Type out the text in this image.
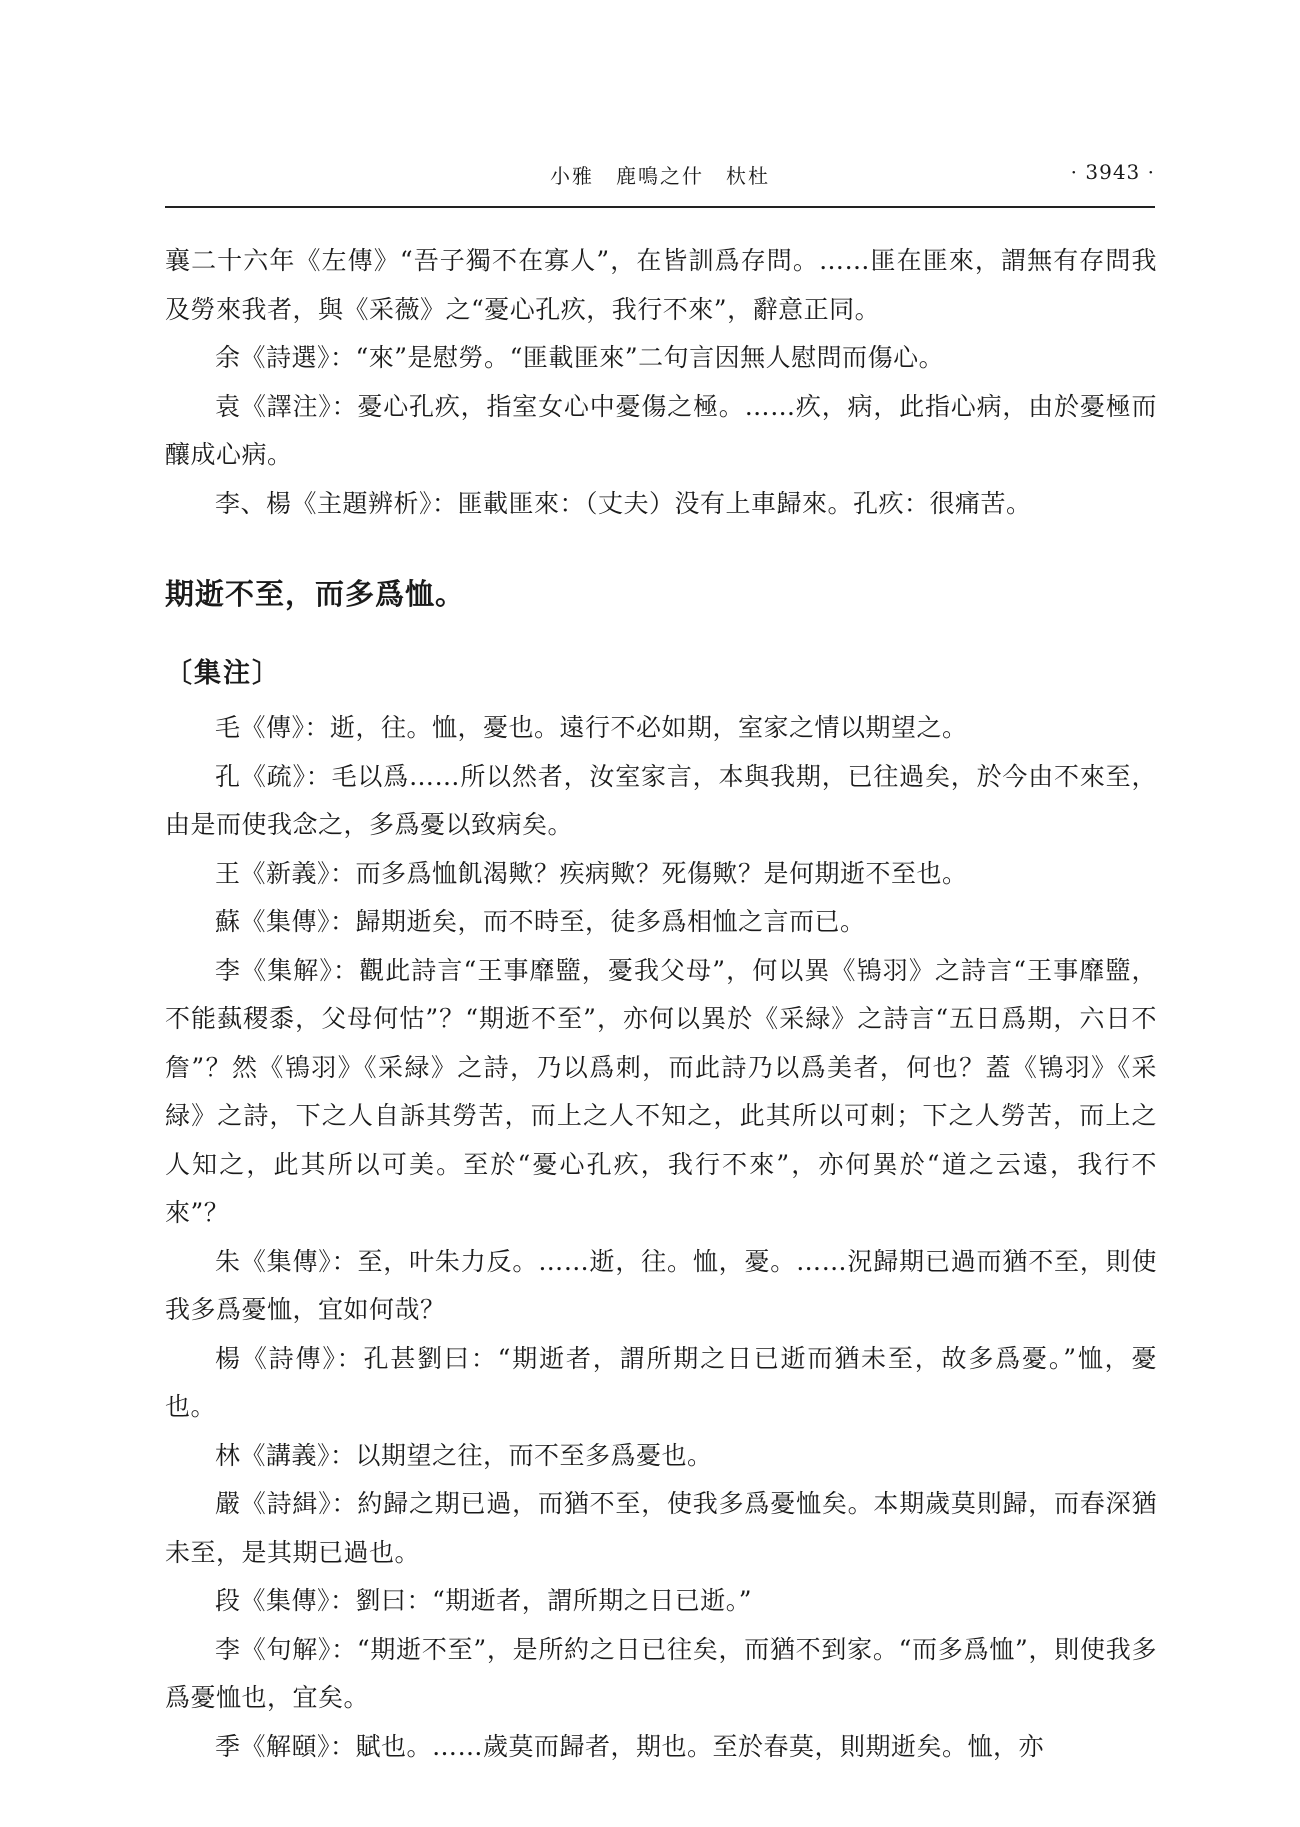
小雅　鹿鳴之什　杕杜	· 3943 ·

襄二十六年《左傳》“吾子獨不在寡人”，在皆訓爲存問。……匪在匪來，謂無有存問我及勞來我者，與《采薇》之“憂心孔疚，我行不來”，辭意正同。

余《詩選》：“來”是慰勞。“匪載匪來”二句言因無人慰問而傷心。

袁《譯注》：憂心孔疚，指室女心中憂傷之極。……疚，病，此指心病，由於憂極而釀成心病。

李、楊《主題辨析》：匪載匪來：（丈夫）没有上車歸來。孔疚：很痛苦。

期逝不至，而多爲恤。
〔集注〕

毛《傳》：逝，往。恤，憂也。遠行不必如期，室家之情以期望之。

孔《疏》：毛以爲……所以然者，汝室家言，本與我期，已往過矣，於今由不來至，由是而使我念之，多爲憂以致病矣。

王《新義》：而多爲恤飢渴歟？疾病歟？死傷歟？是何期逝不至也。

蘇《集傳》：歸期逝矣，而不時至，徒多爲相恤之言而已。

李《集解》：觀此詩言“王事靡盬，憂我父母”，何以異《鴇羽》之詩言“王事靡盬，不能蓺稷黍，父母何怙”？“期逝不至”，亦何以異於《采緑》之詩言“五日爲期，六日不詹”？然《鴇羽》《采緑》之詩，乃以爲刺，而此詩乃以爲美者，何也？蓋《鴇羽》《采緑》之詩，下之人自訴其勞苦，而上之人不知之，此其所以可刺；下之人勞苦，而上之人知之，此其所以可美。至於“憂心孔疚，我行不來”，亦何異於“道之云遠，我行不來”？

朱《集傳》：至，叶朱力反。……逝，往。恤，憂。……況歸期已過而猶不至，則使我多爲憂恤，宜如何哉？

楊《詩傳》：孔甚劉曰：“期逝者，謂所期之日已逝而猶未至，故多爲憂。”恤，憂也。

林《講義》：以期望之往，而不至多爲憂也。

嚴《詩緝》：約歸之期已過，而猶不至，使我多爲憂恤矣。本期歲莫則歸，而春深猶未至，是其期已過也。

段《集傳》：劉曰：“期逝者，謂所期之日已逝。”

李《句解》：“期逝不至”，是所約之日已往矣，而猶不到家。“而多爲恤”，則使我多爲憂恤也，宜矣。

季《解頤》：賦也。……歲莫而歸者，期也。至於春莫，則期逝矣。恤，亦
